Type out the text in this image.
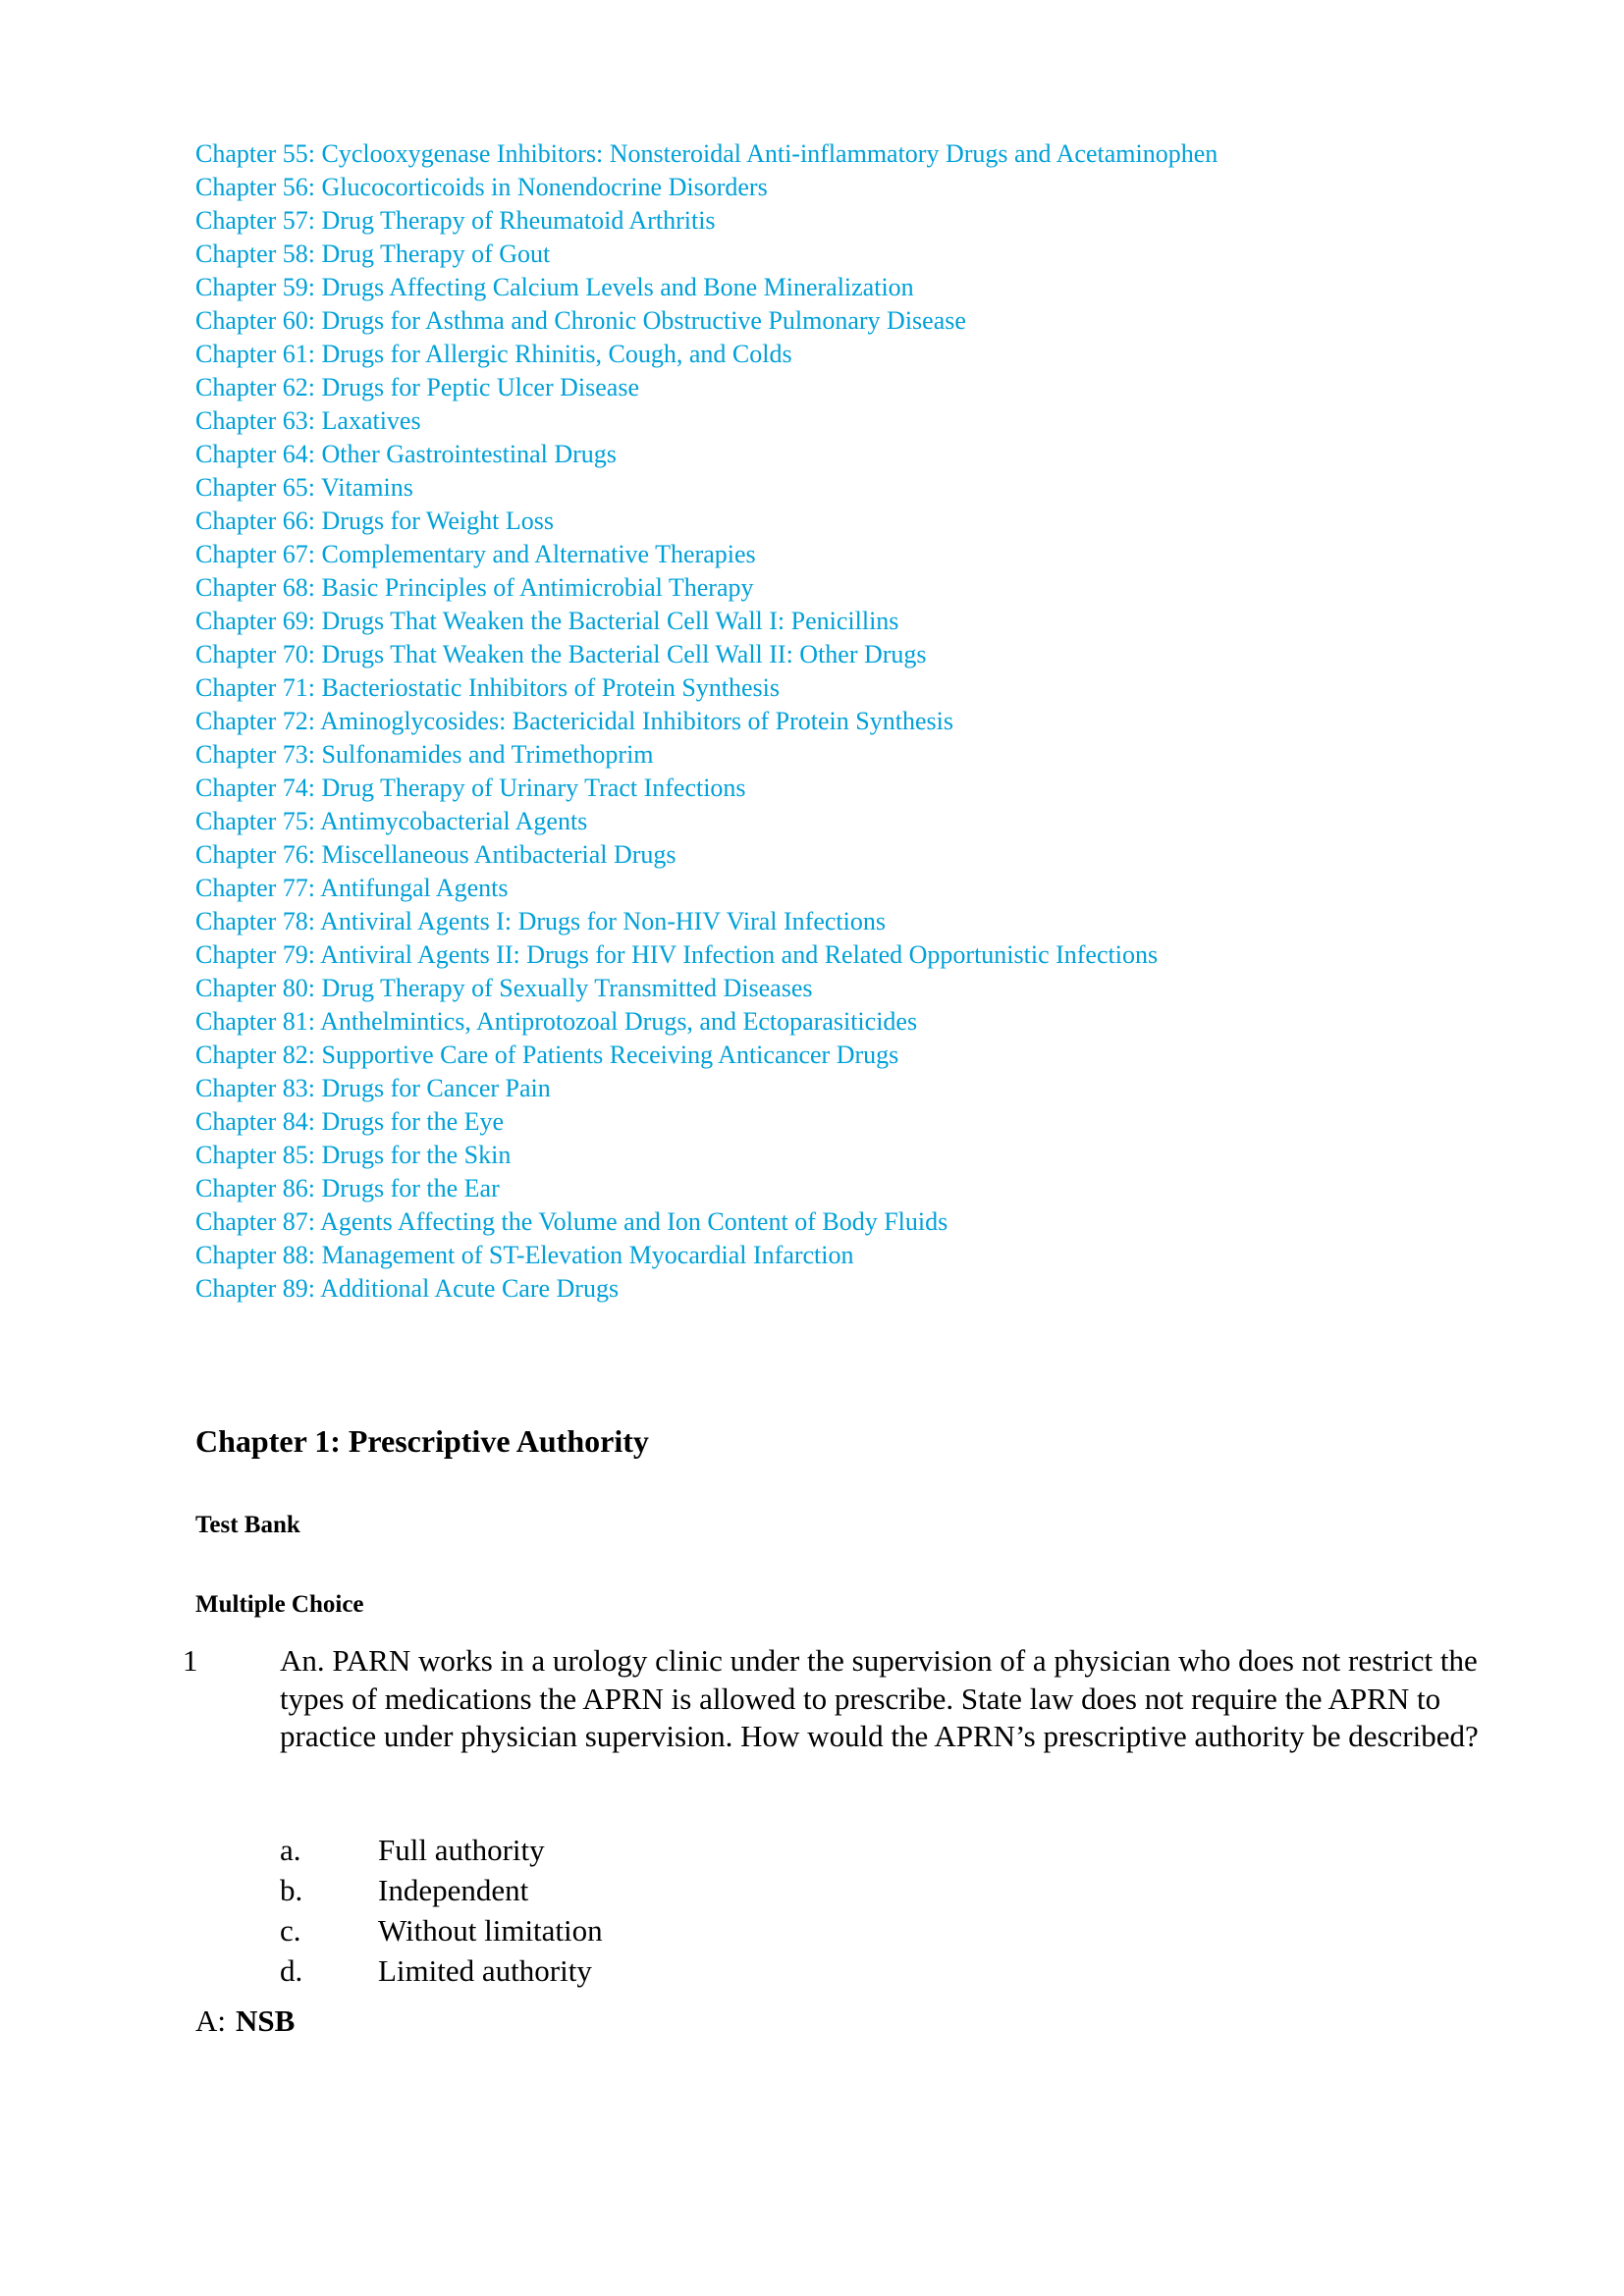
Chapter 55: Cyclooxygenase Inhibitors: Nonsteroidal Anti-inflammatory Drugs and Acetaminophen
Chapter 56: Glucocorticoids in Nonendocrine Disorders
Chapter 57: Drug Therapy of Rheumatoid Arthritis
Chapter 58: Drug Therapy of Gout
Chapter 59: Drugs Affecting Calcium Levels and Bone Mineralization
Chapter 60: Drugs for Asthma and Chronic Obstructive Pulmonary Disease
Chapter 61: Drugs for Allergic Rhinitis, Cough, and Colds
Chapter 62: Drugs for Peptic Ulcer Disease
Chapter 63: Laxatives
Chapter 64: Other Gastrointestinal Drugs
Chapter 65: Vitamins
Chapter 66: Drugs for Weight Loss
Chapter 67: Complementary and Alternative Therapies
Chapter 68: Basic Principles of Antimicrobial Therapy
Chapter 69: Drugs That Weaken the Bacterial Cell Wall I: Penicillins
Chapter 70: Drugs That Weaken the Bacterial Cell Wall II: Other Drugs
Chapter 71: Bacteriostatic Inhibitors of Protein Synthesis
Chapter 72: Aminoglycosides: Bactericidal Inhibitors of Protein Synthesis
Chapter 73: Sulfonamides and Trimethoprim
Chapter 74: Drug Therapy of Urinary Tract Infections
Chapter 75: Antimycobacterial Agents
Chapter 76: Miscellaneous Antibacterial Drugs
Chapter 77: Antifungal Agents
Chapter 78: Antiviral Agents I: Drugs for Non-HIV Viral Infections
Chapter 79: Antiviral Agents II: Drugs for HIV Infection and Related Opportunistic Infections
Chapter 80: Drug Therapy of Sexually Transmitted Diseases
Chapter 81: Anthelmintics, Antiprotozoal Drugs, and Ectoparasiticides
Chapter 82: Supportive Care of Patients Receiving Anticancer Drugs
Chapter 83: Drugs for Cancer Pain
Chapter 84: Drugs for the Eye
Chapter 85: Drugs for the Skin
Chapter 86: Drugs for the Ear
Chapter 87: Agents Affecting the Volume and Ion Content of Body Fluids
Chapter 88: Management of ST-Elevation Myocardial Infarction
Chapter 89: Additional Acute Care Drugs
Chapter 1: Prescriptive Authority
Test Bank
Multiple Choice
1	An. PARN works in a urology clinic under the supervision of a physician who does not restrict the types of medications the APRN is allowed to prescribe. State law does not require the APRN to practice under physician supervision. How would the APRN’s prescriptive authority be described?

a.	Full authority
b. Independent
c.	Without limitation
d. Limited authority
A: NSB
